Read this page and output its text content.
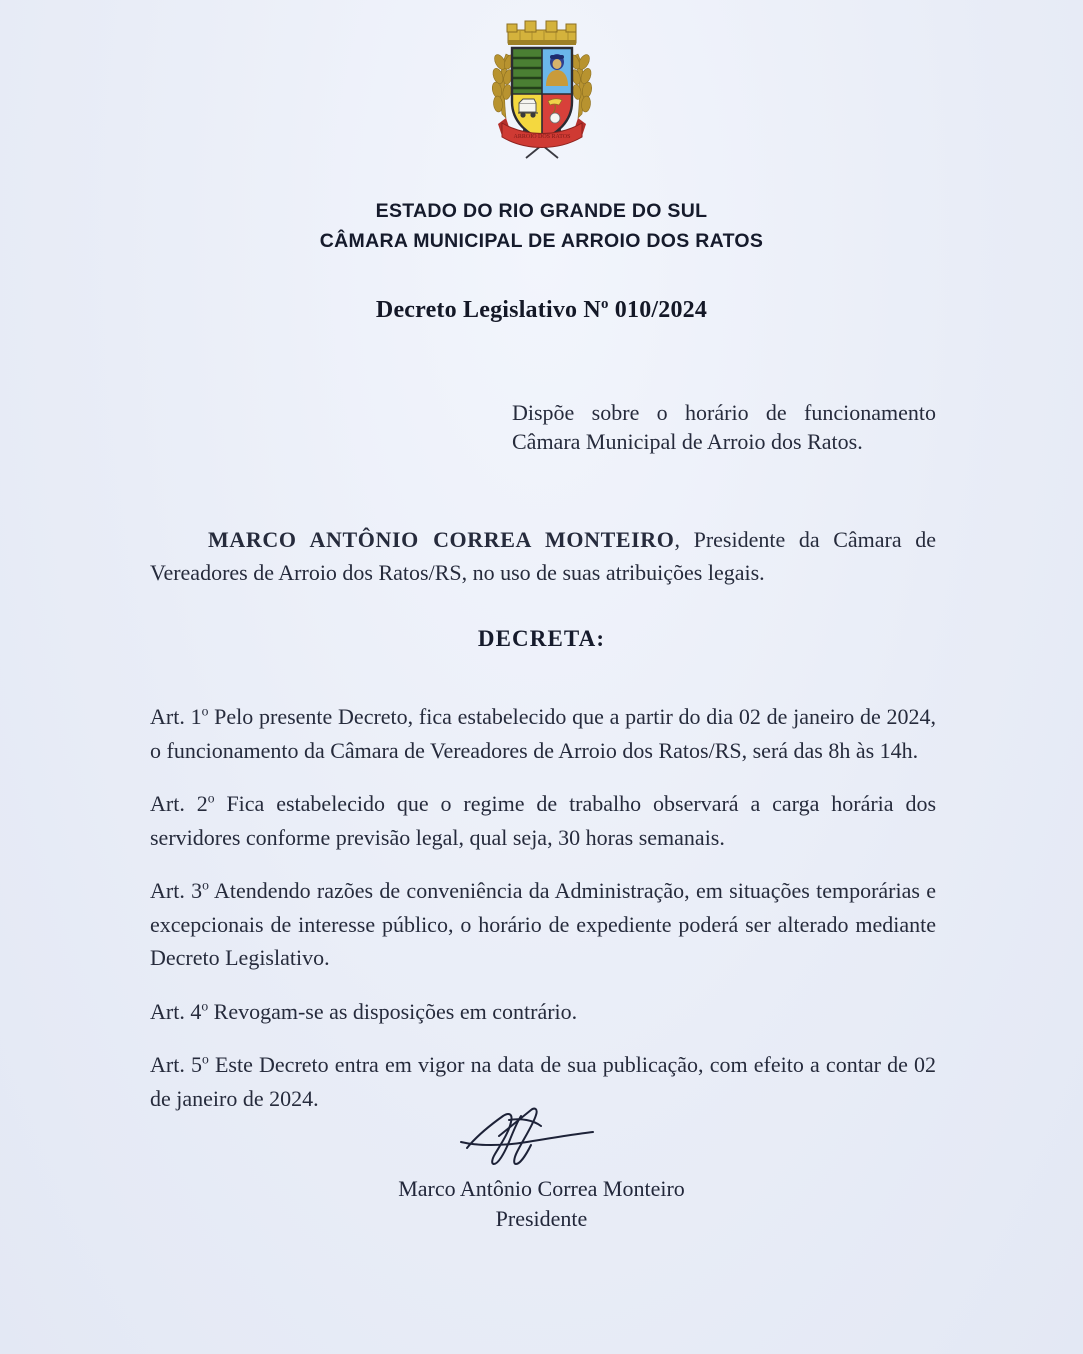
ARROIO DOS RATOS
ESTADO DO RIO GRANDE DO SUL
CÂMARA MUNICIPAL DE ARROIO DOS RATOS
Decreto Legislativo $N^o$ 010/2024
Dispõe sobre o horário de funcionamento Câmara Municipal de Arroio dos Ratos.
MARCO ANTÔNIO CORREA MONTEIRO, Presidente da Câmara de Vereadores de Arroio dos Ratos/RS, no uso de suas atribuições legais.
DECRETA:
Art. 1$^o$ Pelo presente Decreto, fica estabelecido que a partir do dia 02 de janeiro de 2024, o funcionamento da Câmara de Vereadores de Arroio dos Ratos/RS, será das 8h às 14h.
Art. 2$^o$ Fica estabelecido que o regime de trabalho observará a carga horária dos servidores conforme previsão legal, qual seja, 30 horas semanais.
Art. 3$^o$ Atendendo razões de conveniência da Administração, em situações temporárias e excepcionais de interesse público, o horário de expediente poderá ser alterado mediante Decreto Legislativo.
Art. 4$^o$ Revogam-se as disposições em contrário.
Art. 5$^o$ Este Decreto entra em vigor na data de sua publicação, com efeito a contar de 02 de janeiro de 2024.
Marco Antônio Correa Monteiro
Presidente
